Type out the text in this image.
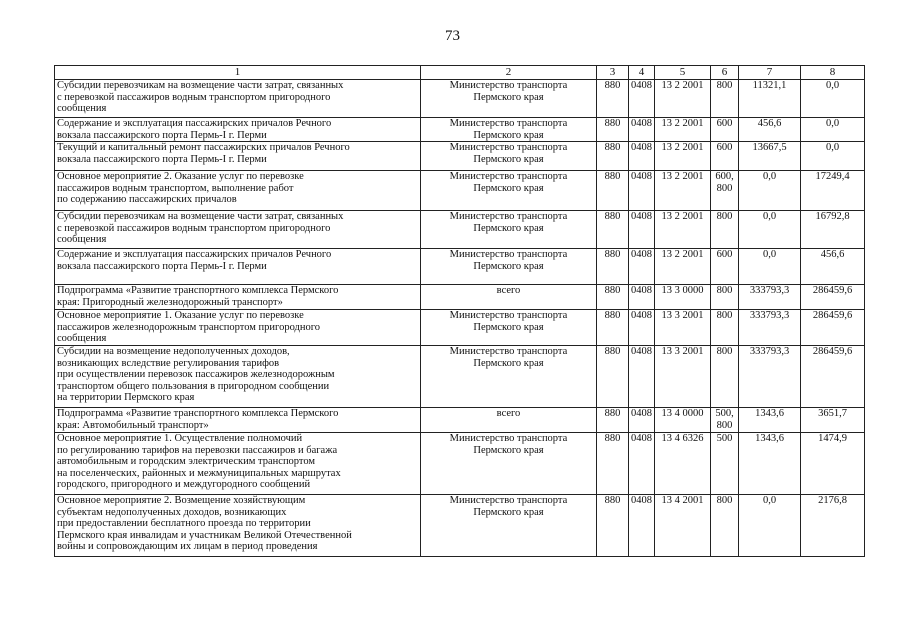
73
1	2	3	4	5	6	7	8

Субсидии перевозчикам на возмещение части затрат, связанных
с перевозкой пассажиров водным транспортом пригородного
сообщения	Министерство транспорта
Пермского края	880	0408	13 2 2001	800	11321,1	0,0

Содержание и эксплуатация пассажирских причалов Речного
вокзала пассажирского порта Пермь-I г. Перми	Министерство транспорта
Пермского края	880	0408	13 2 2001	600	456,6	0,0

Текущий и капитальный ремонт пассажирских причалов Речного
вокзала пассажирского порта Пермь-I г. Перми	Министерство транспорта
Пермского края	880	0408	13 2 2001	600	13667,5	0,0

Основное мероприятие 2. Оказание услуг по перевозке
пассажиров водным транспортом, выполнение работ
по содержанию пассажирских причалов	Министерство транспорта
Пермского края	880	0408	13 2 2001	600,
800	0,0	17249,4

Субсидии перевозчикам на возмещение части затрат, связанных
с перевозкой пассажиров водным транспортом пригородного
сообщения	Министерство транспорта
Пермского края	880	0408	13 2 2001	800	0,0	16792,8

Содержание и эксплуатация пассажирских причалов Речного
вокзала пассажирского порта Пермь-I г. Перми	Министерство транспорта
Пермского края	880	0408	13 2 2001	600	0,0	456,6

Подпрограмма «Развитие транспортного комплекса Пермского
края: Пригородный железнодорожный транспорт»	всего	880	0408	13 3 0000	800	333793,3	286459,6

Основное мероприятие 1. Оказание услуг по перевозке
пассажиров железнодорожным транспортом пригородного
сообщения	Министерство транспорта
Пермского края	880	0408	13 3 2001	800	333793,3	286459,6

Субсидии на возмещение недополученных доходов,
возникающих вследствие регулирования тарифов
при осуществлении перевозок пассажиров железнодорожным
транспортом общего пользования в пригородном сообщении
на территории Пермского края	Министерство транспорта
Пермского края	880	0408	13 3 2001	800	333793,3	286459,6

Подпрограмма «Развитие транспортного комплекса Пермского
края: Автомобильный транспорт»	всего	880	0408	13 4 0000	500,
800	1343,6	3651,7

Основное мероприятие 1. Осуществление полномочий
по регулированию тарифов на перевозки пассажиров и багажа
автомобильным и городским электрическим транспортом
на поселенческих, районных и межмуниципальных маршрутах
городского, пригородного и междугородного сообщений	Министерство транспорта
Пермского края	880	0408	13 4 6326	500	1343,6	1474,9

Основное мероприятие 2. Возмещение хозяйствующим
субъектам недополученных доходов, возникающих
при предоставлении бесплатного проезда по территории
Пермского края инвалидам и участникам Великой Отечественной
войны и сопровождающим их лицам в период проведения	Министерство транспорта
Пермского края	880	0408	13 4 2001	800	0,0	2176,8
